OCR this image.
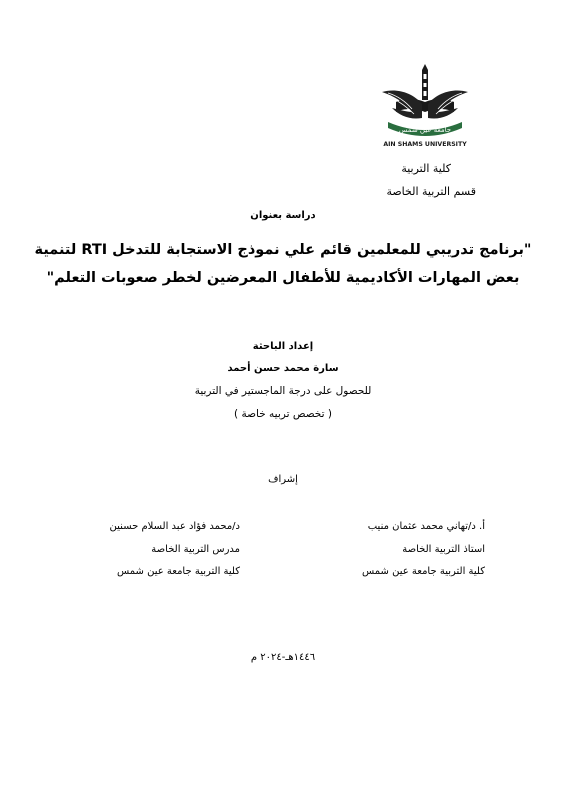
جامعة عين شمس
AIN SHAMS UNIVERSITY
كلية التربية
قسم التربية الخاصة
دراسة بعنوان
"برنامج تدريبي للمعلمين قائم علي نموذج الاستجابة للتدخل RTI لتنمية
بعض المهارات الأكاديمية للأطفال المعرضين لخطر صعوبات التعلم"
إعداد الباحثة
سارة محمد حسن أحمد
للحصول على درجة الماجستير في التربية
( تخصص تربيه خاصة )
إشراف
أ. د/تهاني محمد عثمان منيب
استاذ التربية الخاصة
كلية التربية جامعة عين شمس
د/محمد فؤاد عبد السلام حسنين
مدرس التربية الخاصة
كلية التربية جامعة عين شمس
١٤٤٦هـ-٢٠٢٤ م
